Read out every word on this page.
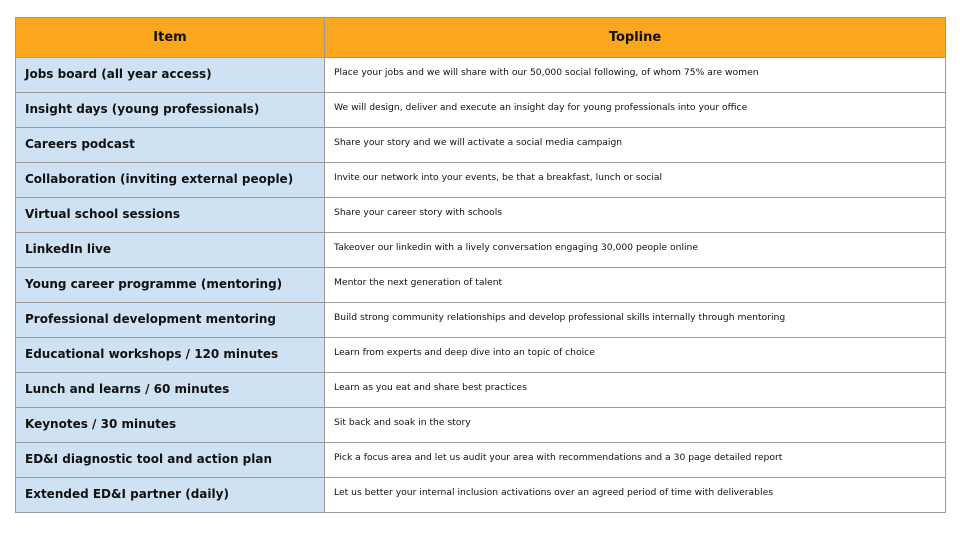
Item	Topline
Jobs board (all year access)	Place your jobs and we will share with our 50,000 social following, of whom 75% are women
Insight days (young professionals)	We will design, deliver and execute an insight day for young professionals into your office
Careers podcast	Share your story and we will activate a social media campaign
Collaboration (inviting external people)	Invite our network into your events, be that a breakfast, lunch or social
Virtual school sessions	Share your career story with schools
LinkedIn live	Takeover our linkedin with a lively conversation engaging 30,000 people online
Young career programme (mentoring)	Mentor the next generation of talent
Professional development mentoring	Build strong community relationships and develop professional skills internally through mentoring
Educational workshops / 120 minutes	Learn from experts and deep dive into an topic of choice
Lunch and learns / 60 minutes	Learn as you eat and share best practices
Keynotes / 30 minutes	Sit back and soak in the story
ED&I diagnostic tool and action plan	Pick a focus area and let us audit your area with recommendations and a 30 page detailed report
Extended ED&I partner (daily)	Let us better your internal inclusion activations over an agreed period of time with deliverables
